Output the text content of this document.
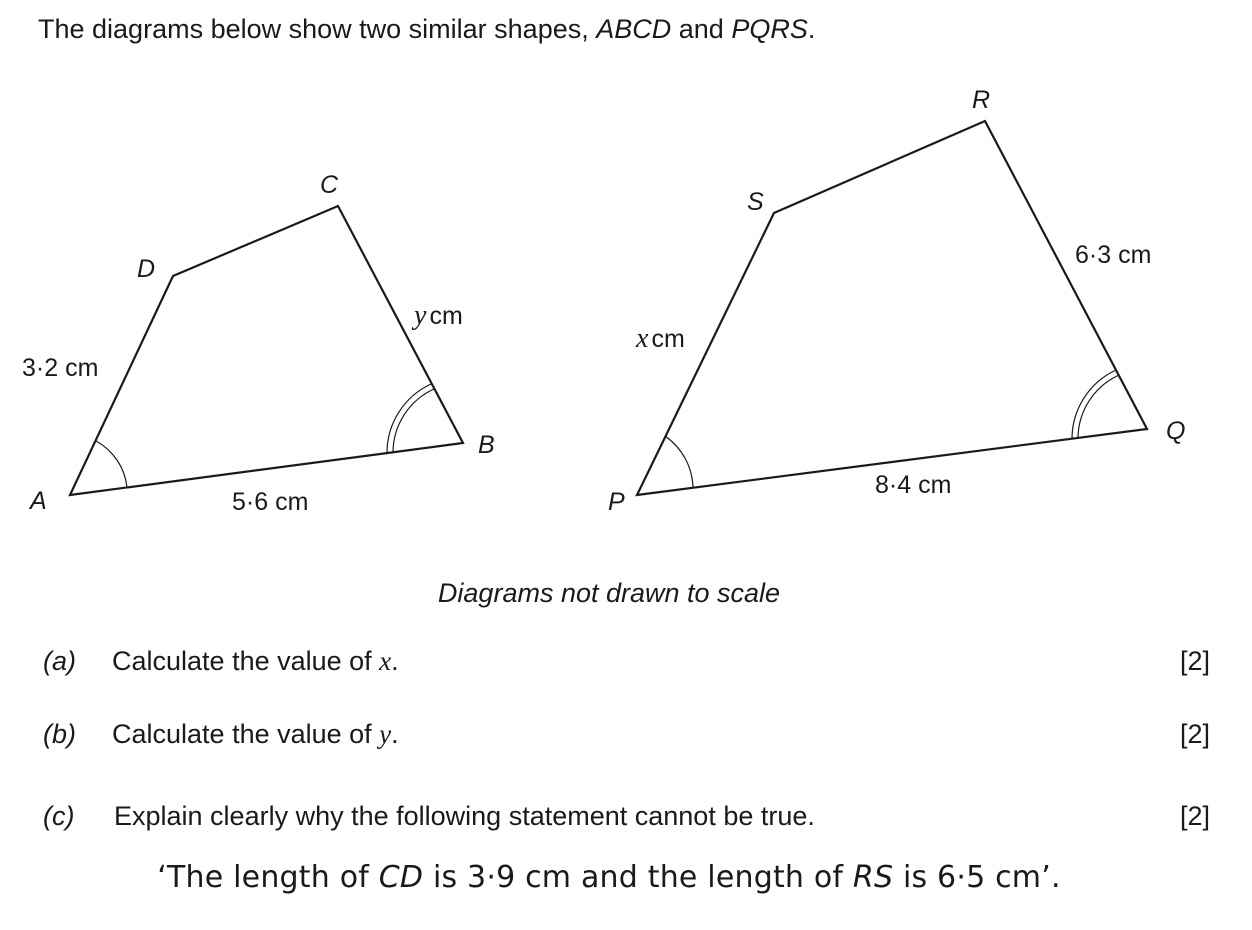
The diagrams below show two similar shapes, ABCD and PQRS.
A
B
C
D
3·2 cm
5·6 cm
y cm
P
Q
R
S
6·3 cm
8·4 cm
x cm
Diagrams not drawn to scale
(a) Calculate the value of x.	[2]
(b) Calculate the value of y.	[2]
(c) Explain clearly why the following statement cannot be true.	[2]
‘The length of CD is 3·9 cm and the length of RS is 6·5 cm’.
